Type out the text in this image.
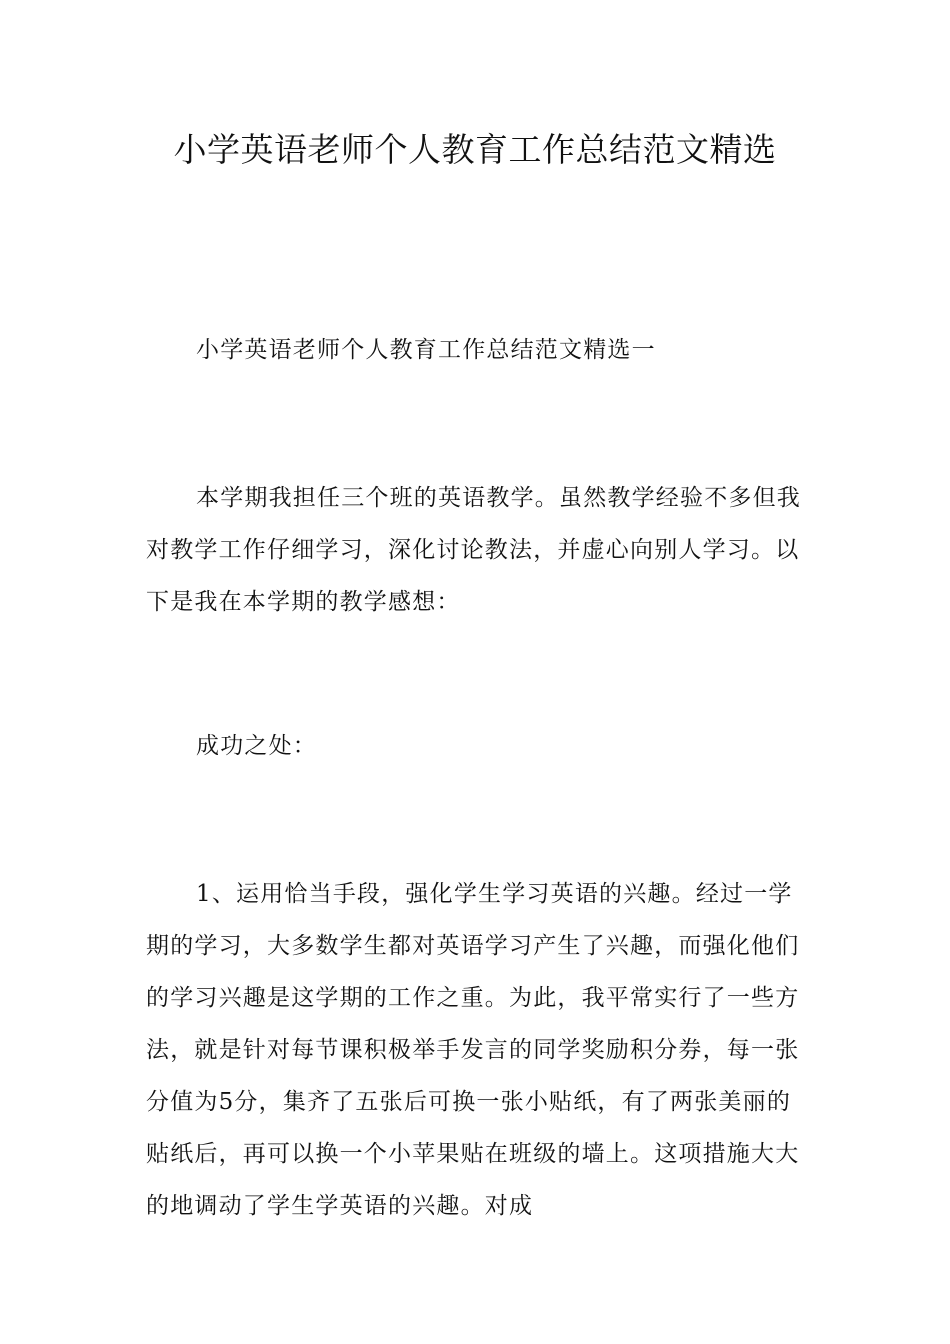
小学英语老师个人教育工作总结范文精选

小学英语老师个人教育工作总结范文精选一

本学期我担任三个班的英语教学。虽然教学经验不多但我对教学工作仔细学习，深化讨论教法，并虚心向别人学习。以下是我在本学期的教学感想：

成功之处：

1、运用恰当手段，强化学生学习英语的兴趣。经过一学期的学习，大多数学生都对英语学习产生了兴趣，而强化他们的学习兴趣是这学期的工作之重。为此，我平常实行了一些方法，就是针对每节课积极举手发言的同学奖励积分券，每一张分值为5分，集齐了五张后可换一张小贴纸，有了两张美丽的贴纸后，再可以换一个小苹果贴在班级的墙上。这项措施大大的地调动了学生学英语的兴趣。对成
